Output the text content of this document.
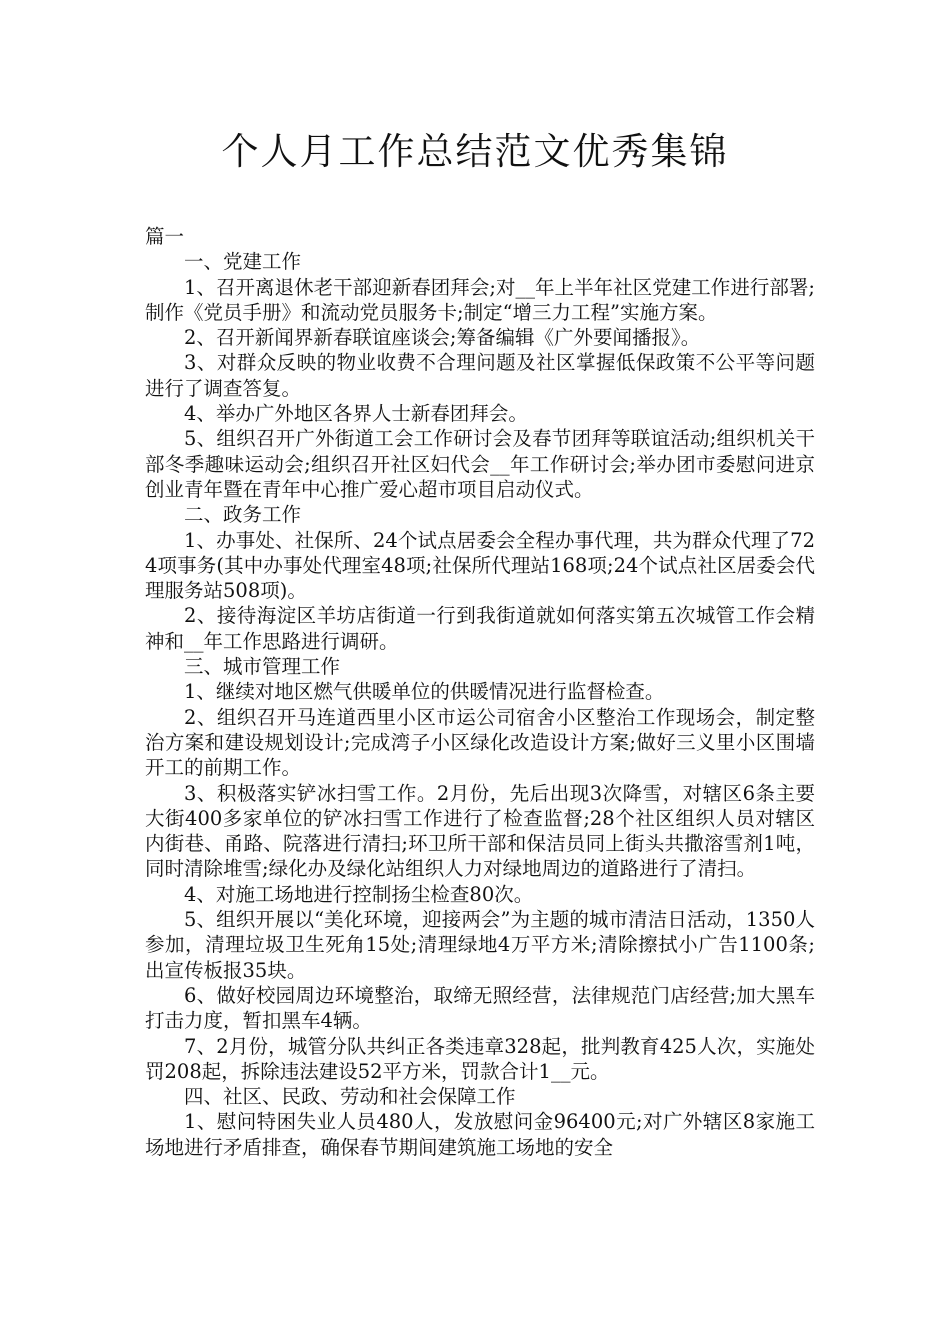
个人月工作总结范文优秀集锦

篇一

一、党建工作

1、召开离退休老干部迎新春团拜会;对__年上半年社区党建工作进行部署;制作《党员手册》和流动党员服务卡;制定“增三力工程”实施方案。

2、召开新闻界新春联谊座谈会;筹备编辑《广外要闻播报》。

3、对群众反映的物业收费不合理问题及社区掌握低保政策不公平等问题进行了调查答复。

4、举办广外地区各界人士新春团拜会。

5、组织召开广外街道工会工作研讨会及春节团拜等联谊活动;组织机关干部冬季趣味运动会;组织召开社区妇代会__年工作研讨会;举办团市委慰问进京创业青年暨在青年中心推广爱心超市项目启动仪式。

二、政务工作

1、办事处、社保所、24个试点居委会全程办事代理，共为群众代理了724项事务(其中办事处代理室48项;社保所代理站168项;24个试点社区居委会代理服务站508项)。

2、接待海淀区羊坊店街道一行到我街道就如何落实第五次城管工作会精神和__年工作思路进行调研。

三、城市管理工作

1、继续对地区燃气供暖单位的供暖情况进行监督检查。

2、组织召开马连道西里小区市运公司宿舍小区整治工作现场会，制定整治方案和建设规划设计;完成湾子小区绿化改造设计方案;做好三义里小区围墙开工的前期工作。

3、积极落实铲冰扫雪工作。2月份，先后出现3次降雪，对辖区6条主要大街400多家单位的铲冰扫雪工作进行了检查监督;28个社区组织人员对辖区内街巷、甬路、院落进行清扫;环卫所干部和保洁员同上街头共撒溶雪剂1吨，同时清除堆雪;绿化办及绿化站组织人力对绿地周边的道路进行了清扫。

4、对施工场地进行控制扬尘检查80次。

5、组织开展以“美化环境，迎接两会”为主题的城市清洁日活动，1350人参加，清理垃圾卫生死角15处;清理绿地4万平方米;清除擦拭小广告1100条;出宣传板报35块。

6、做好校园周边环境整治，取缔无照经营，法律规范门店经营;加大黑车打击力度，暂扣黑车4辆。

7、2月份，城管分队共纠正各类违章328起，批判教育425人次，实施处罚208起，拆除违法建设52平方米，罚款合计1__元。

四、社区、民政、劳动和社会保障工作

1、慰问特困失业人员480人，发放慰问金96400元;对广外辖区8家施工场地进行矛盾排查，确保春节期间建筑施工场地的安全
